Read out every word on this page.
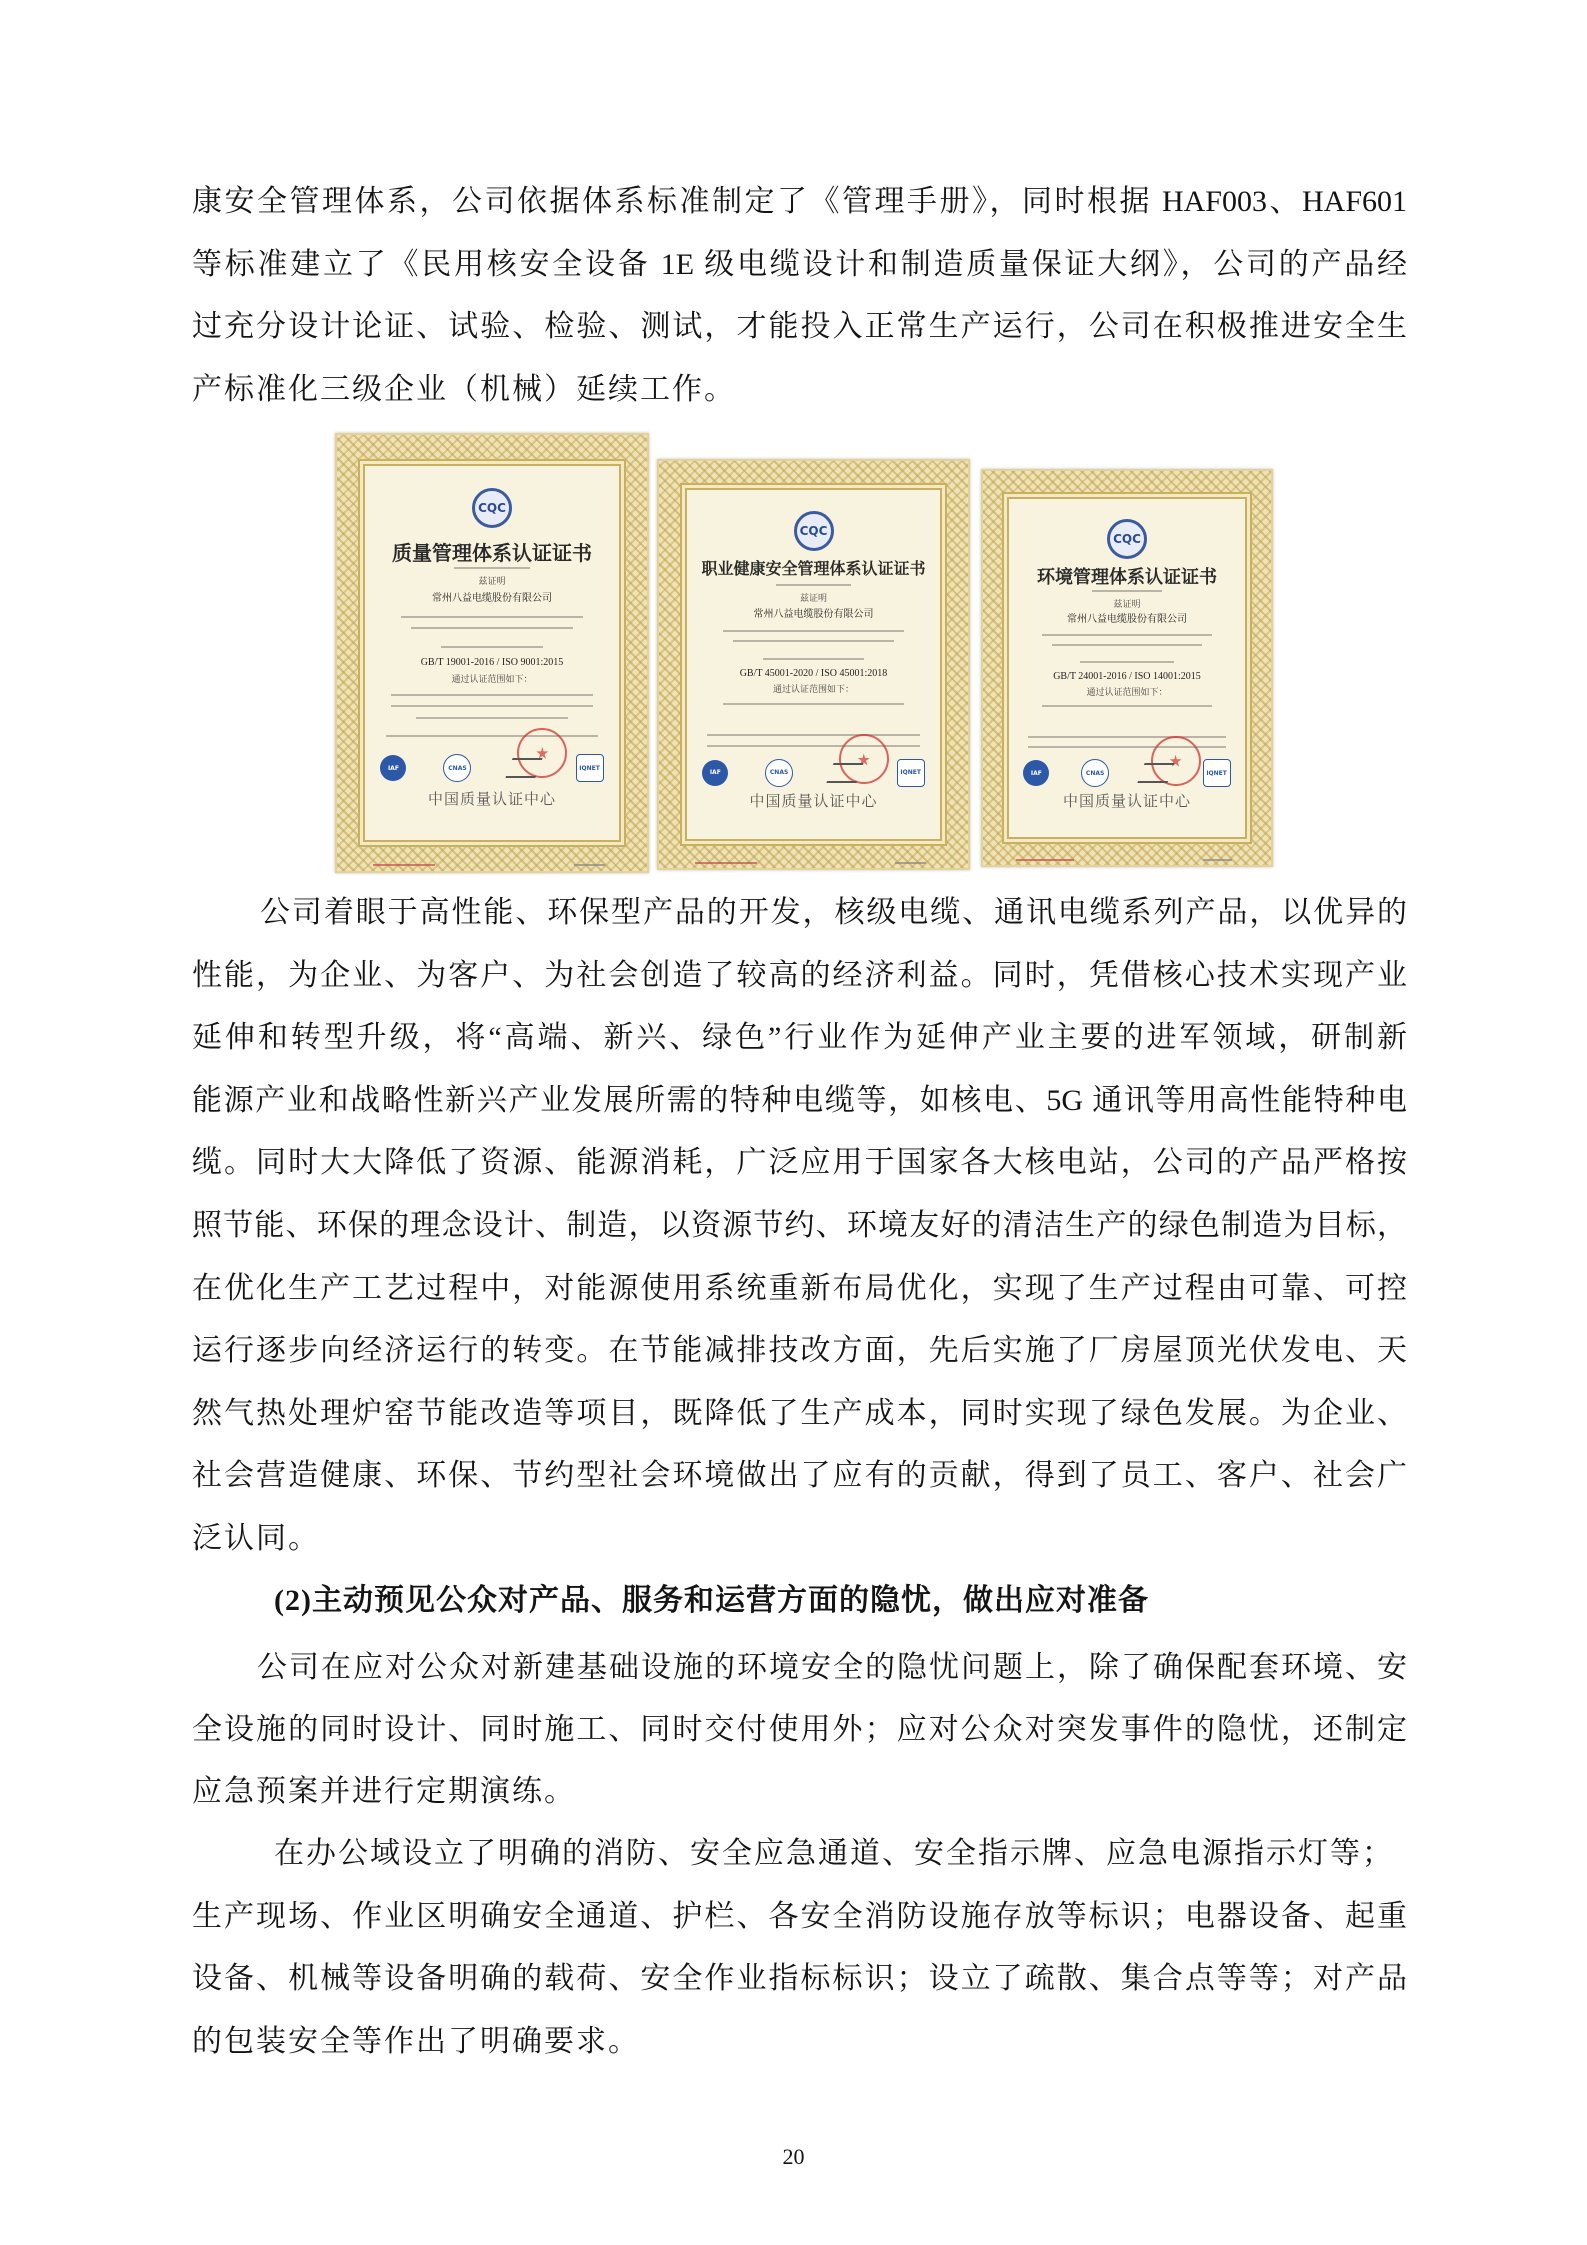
康安全管理体系，公司依据体系标准制定了《管理手册》，同时根据 HAF003、HAF601
等标准建立了《民用核安全设备 1E 级电缆设计和制造质量保证大纲》，公司的产品经
过充分设计论证、试验、检验、测试，才能投入正常生产运行，公司在积极推进安全生
产标准化三级企业（机械）延续工作。
CQC
质量管理体系认证证书
兹证明
常州八益电缆股份有限公司
GB/T 19001-2016 / ISO 9001:2015
通过认证范围如下：
IAF	CNAS	IQNET
中国质量认证中心
CQC
职业健康安全管理体系认证证书
兹证明
常州八益电缆股份有限公司
GB/T 45001-2020 / ISO 45001:2018
通过认证范围如下：
IAF	CNAS	IQNET
中国质量认证中心
CQC
环境管理体系认证证书
兹证明
常州八益电缆股份有限公司
GB/T 24001-2016 / ISO 14001:2015
通过认证范围如下：
IAF	CNAS	IQNET
中国质量认证中心
公司着眼于高性能、环保型产品的开发，核级电缆、通讯电缆系列产品，以优异的
性能，为企业、为客户、为社会创造了较高的经济利益。同时，凭借核心技术实现产业
延伸和转型升级，将“高端、新兴、绿色”行业作为延伸产业主要的进军领域，研制新
能源产业和战略性新兴产业发展所需的特种电缆等，如核电、5G 通讯等用高性能特种电
缆。同时大大降低了资源、能源消耗，广泛应用于国家各大核电站，公司的产品严格按
照节能、环保的理念设计、制造，以资源节约、环境友好的清洁生产的绿色制造为目标，
在优化生产工艺过程中，对能源使用系统重新布局优化，实现了生产过程由可靠、可控
运行逐步向经济运行的转变。在节能减排技改方面，先后实施了厂房屋顶光伏发电、天
然气热处理炉窑节能改造等项目，既降低了生产成本，同时实现了绿色发展。为企业、
社会营造健康、环保、节约型社会环境做出了应有的贡献，得到了员工、客户、社会广
泛认同。
(2)主动预见公众对产品、服务和运营方面的隐忧，做出应对准备
公司在应对公众对新建基础设施的环境安全的隐忧问题上，除了确保配套环境、安
全设施的同时设计、同时施工、同时交付使用外；应对公众对突发事件的隐忧，还制定
应急预案并进行定期演练。
在办公域设立了明确的消防、安全应急通道、安全指示牌、应急电源指示灯等；
生产现场、作业区明确安全通道、护栏、各安全消防设施存放等标识；电器设备、起重
设备、机械等设备明确的载荷、安全作业指标标识；设立了疏散、集合点等等；对产品
的包装安全等作出了明确要求。
20
